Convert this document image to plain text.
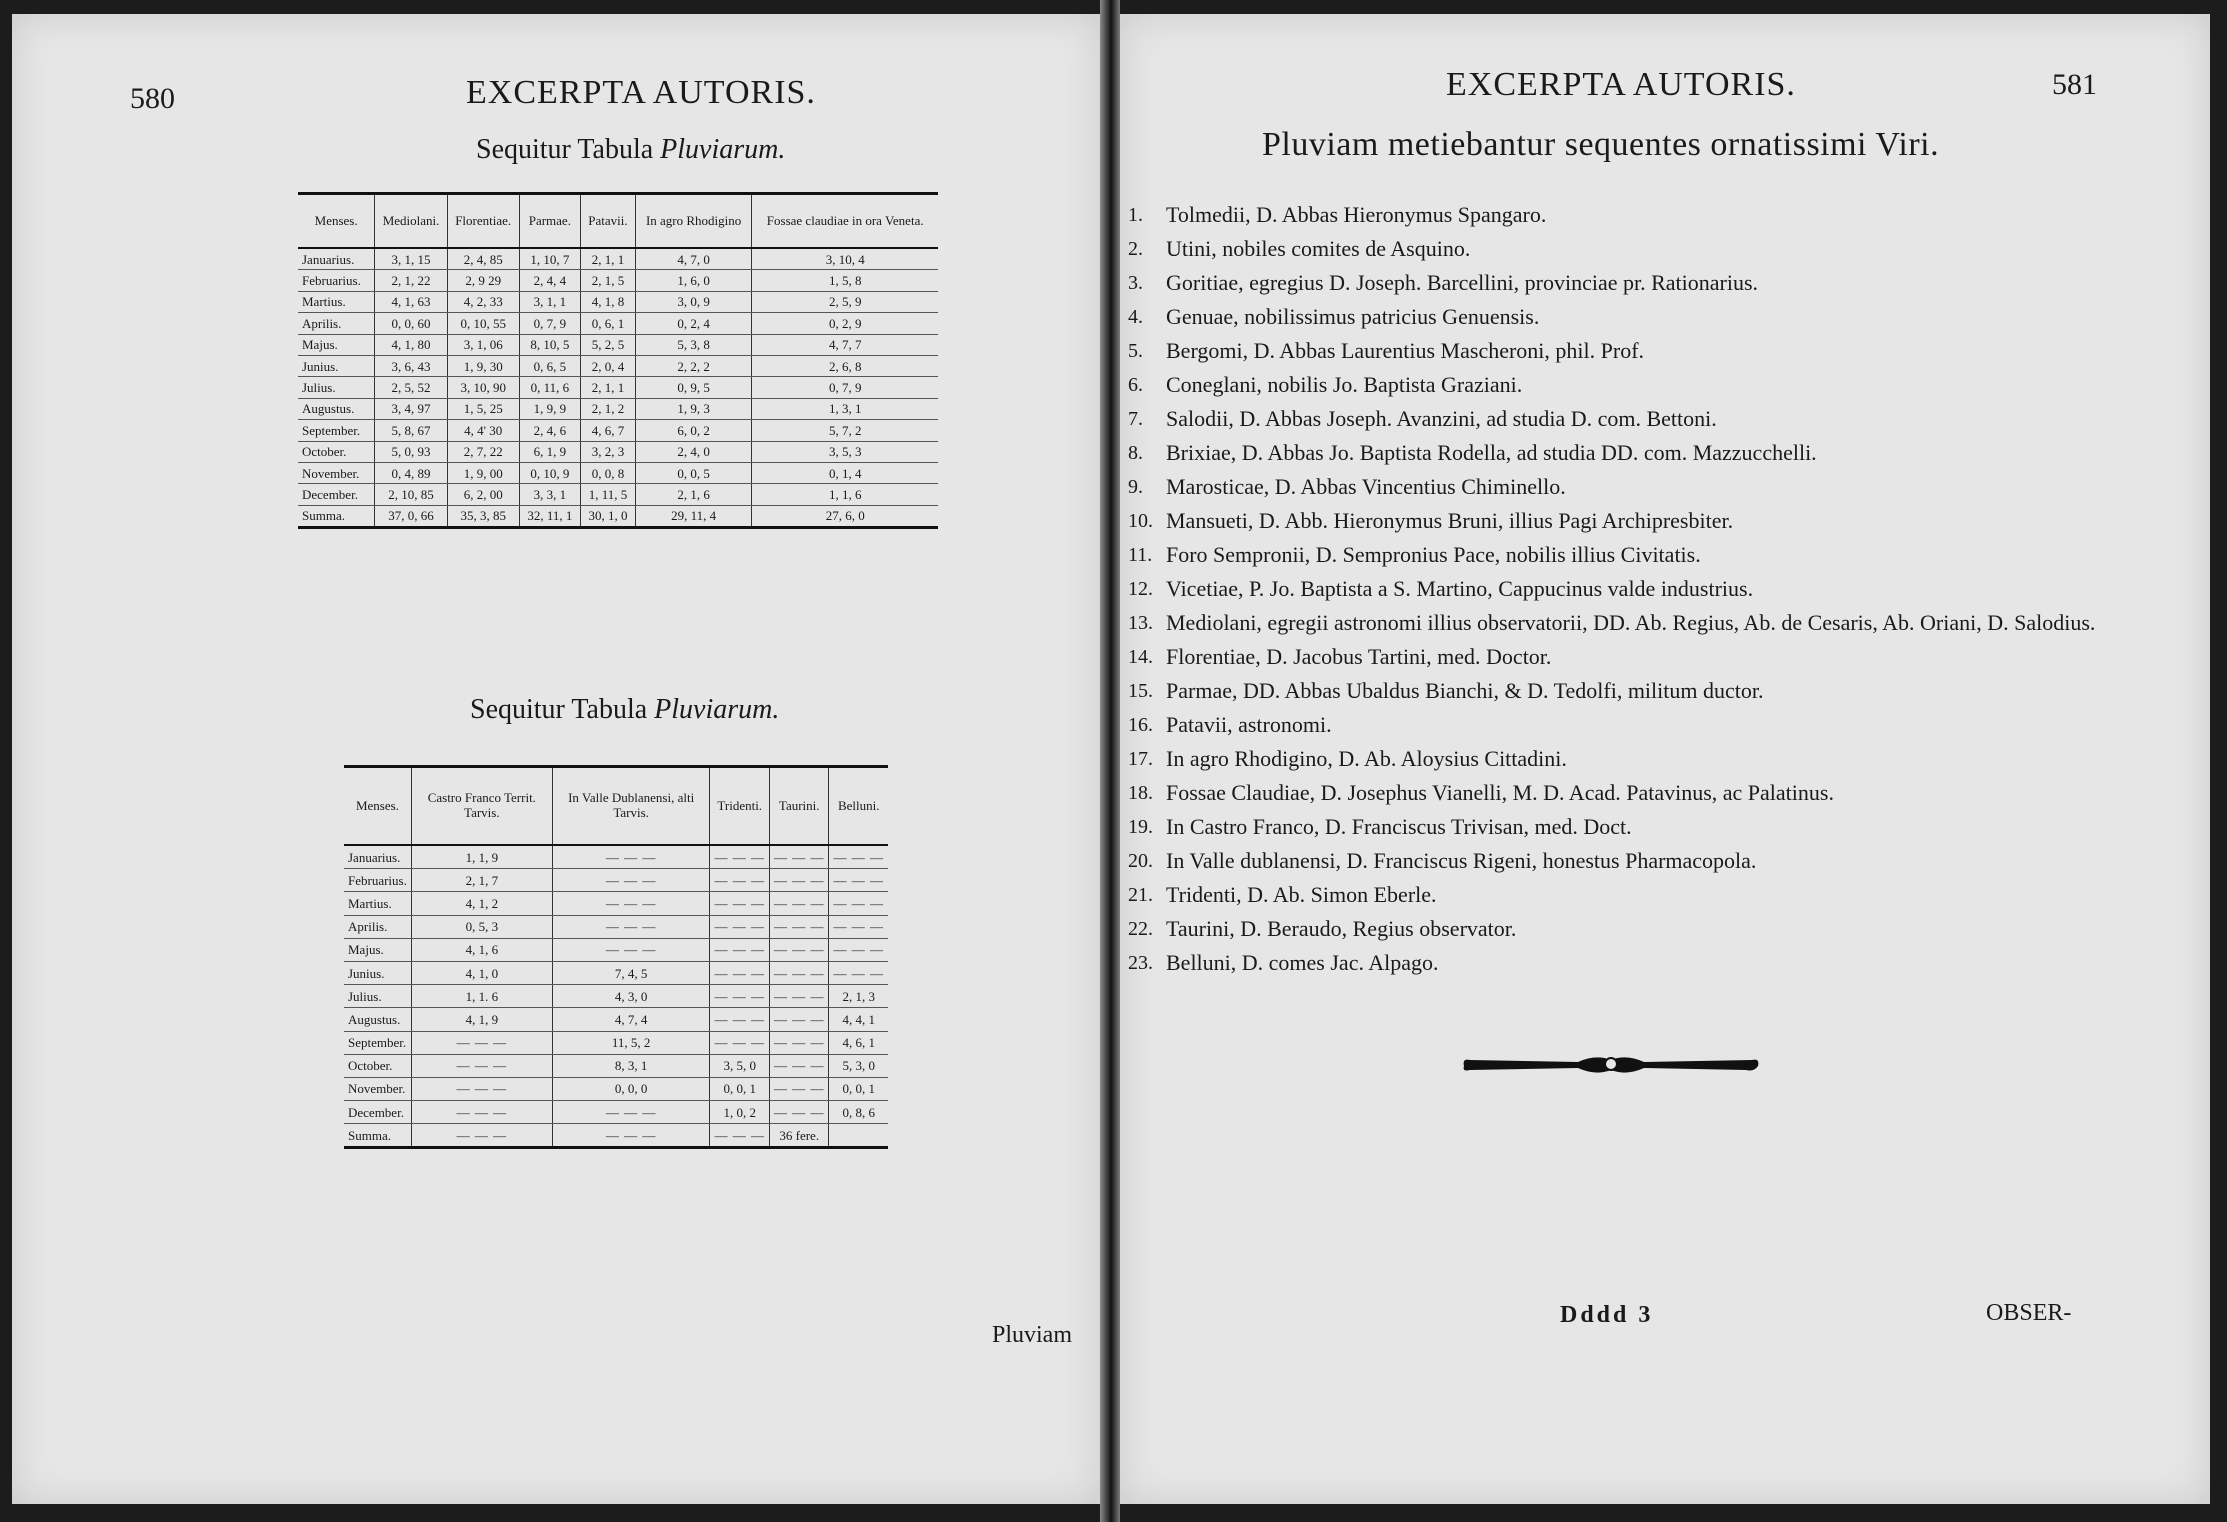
580	EXCERPTA AUTORIS.
Sequitur Tabula Pluviarum.
Menses.	Mediolani.	Florentiae.	Parmae.	Patavii.	In agro Rhodigino	Fossae claudiae in ora Veneta.
Januarius.	3, 1, 15	2, 4, 85	1, 10, 7	2, 1, 1	4, 7, 0	3, 10, 4
Februarius.	2, 1, 22	2, 9 29	2, 4, 4	2, 1, 5	1, 6, 0	1, 5, 8
Martius.	4, 1, 63	4, 2, 33	3, 1, 1	4, 1, 8	3, 0, 9	2, 5, 9
Aprilis.	0, 0, 60	0, 10, 55	0, 7, 9	0, 6, 1	0, 2, 4	0, 2, 9
Majus.	4, 1, 80	3, 1, 06	8, 10, 5	5, 2, 5	5, 3, 8	4, 7, 7
Junius.	3, 6, 43	1, 9, 30	0, 6, 5	2, 0, 4	2, 2, 2	2, 6, 8
Julius.	2, 5, 52	3, 10, 90	0, 11, 6	2, 1, 1	0, 9, 5	0, 7, 9
Augustus.	3, 4, 97	1, 5, 25	1, 9, 9	2, 1, 2	1, 9, 3	1, 3, 1
September.	5, 8, 67	4, 4' 30	2, 4, 6	4, 6, 7	6, 0, 2	5, 7, 2
October.	5, 0, 93	2, 7, 22	6, 1, 9	3, 2, 3	2, 4, 0	3, 5, 3
November.	0, 4, 89	1, 9, 00	0, 10, 9	0, 0, 8	0, 0, 5	0, 1, 4
December.	2, 10, 85	6, 2, 00	3, 3, 1	1, 11, 5	2, 1, 6	1, 1, 6
Summa.	37, 0, 66	35, 3, 85	32, 11, 1	30, 1, 0	29, 11, 4	27, 6, 0
Sequitur Tabula Pluviarum.
Menses.	Castro Franco Territ. Tarvis.	In Valle Dublanensi, alti Tarvis.	Tridenti.	Taurini.	Belluni.
Januarius.	1, 1, 9	— — —	— — —	— — —	— — —
Februarius.	2, 1, 7	— — —	— — —	— — —	— — —
Martius.	4, 1, 2	— — —	— — —	— — —	— — —
Aprilis.	0, 5, 3	— — —	— — —	— — —	— — —
Majus.	4, 1, 6	— — —	— — —	— — —	— — —
Junius.	4, 1, 0	7, 4, 5	— — —	— — —	— — —
Julius.	1, 1. 6	4, 3, 0	— — —	— — —	2, 1, 3
Augustus.	4, 1, 9	4, 7, 4	— — —	— — —	4, 4, 1
September.	— — —	11, 5, 2	— — —	— — —	4, 6, 1
October.	— — —	8, 3, 1	3, 5, 0	— — —	5, 3, 0
November.	— — —	0, 0, 0	0, 0, 1	— — —	0, 0, 1
December.	— — —	— — —	1, 0, 2	— — —	0, 8, 6
Summa.	— — —	— — —	— — —	36 fere.	
Pluviam
EXCERPTA AUTORIS.	581
Pluviam metiebantur sequentes ornatissimi Viri.
1.	Tolmedii, D. Abbas Hieronymus Spangaro.
2.	Utini, nobiles comites de Asquino.
3.	Goritiae, egregius D. Joseph. Barcellini, provinciae pr. Rationarius.
4.	Genuae, nobilissimus patricius Genuensis.
5.	Bergomi, D. Abbas Laurentius Mascheroni, phil. Prof.
6.	Coneglani, nobilis Jo. Baptista Graziani.
7.	Salodii, D. Abbas Joseph. Avanzini, ad studia D. com. Bettoni.
8.	Brixiae, D. Abbas Jo. Baptista Rodella, ad studia DD. com. Mazzucchelli.
9.	Marosticae, D. Abbas Vincentius Chiminello.
10. Mansueti, D. Abb. Hieronymus Bruni, illius Pagi Archipresbiter.
11. Foro Sempronii, D. Sempronius Pace, nobilis illius Civitatis.
12. Vicetiae, P. Jo. Baptista a S. Martino, Cappucinus valde industrius.
13. Mediolani, egregii astronomi illius observatorii, DD. Ab. Regius, Ab. de Cesaris, Ab. Oriani, D. Salodius.
14. Florentiae, D. Jacobus Tartini, med. Doctor.
15. Parmae, DD. Abbas Ubaldus Bianchi, & D. Tedolfi, militum ductor.
16. Patavii, astronomi.
17. In agro Rhodigino, D. Ab. Aloysius Cittadini.
18. Fossae Claudiae, D. Josephus Vianelli, M. D. Acad. Patavinus, ac Palatinus.
19. In Castro Franco, D. Franciscus Trivisan, med. Doct.
20. In Valle dublanensi, D. Franciscus Rigeni, honestus Pharmacopola.
21. Tridenti, D. Ab. Simon Eberle.
22. Taurini, D. Beraudo, Regius observator.
23. Belluni, D. comes Jac. Alpago.
Dddd 3	OBSER-
